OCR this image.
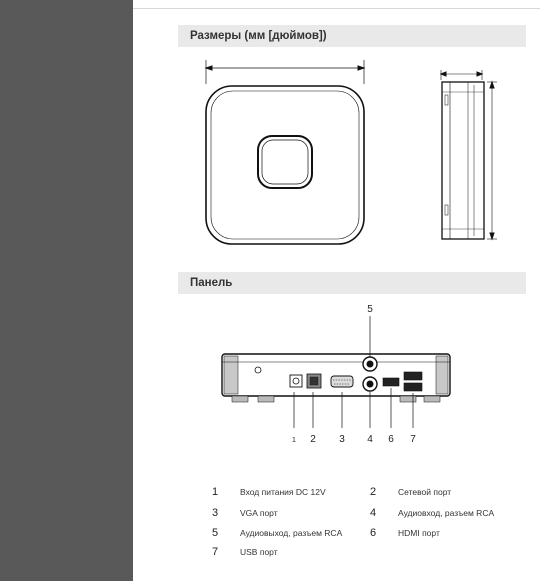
Размеры (мм [дюймов])
Панель
5
1 2 3 4 6 7
1	Вход питания DC 12V	2	Сетевой порт
3	VGA порт	4	Аудиовход, разъем RCA
5	Аудиовыход, разъем RCA	6	HDMI порт
7	USB порт
